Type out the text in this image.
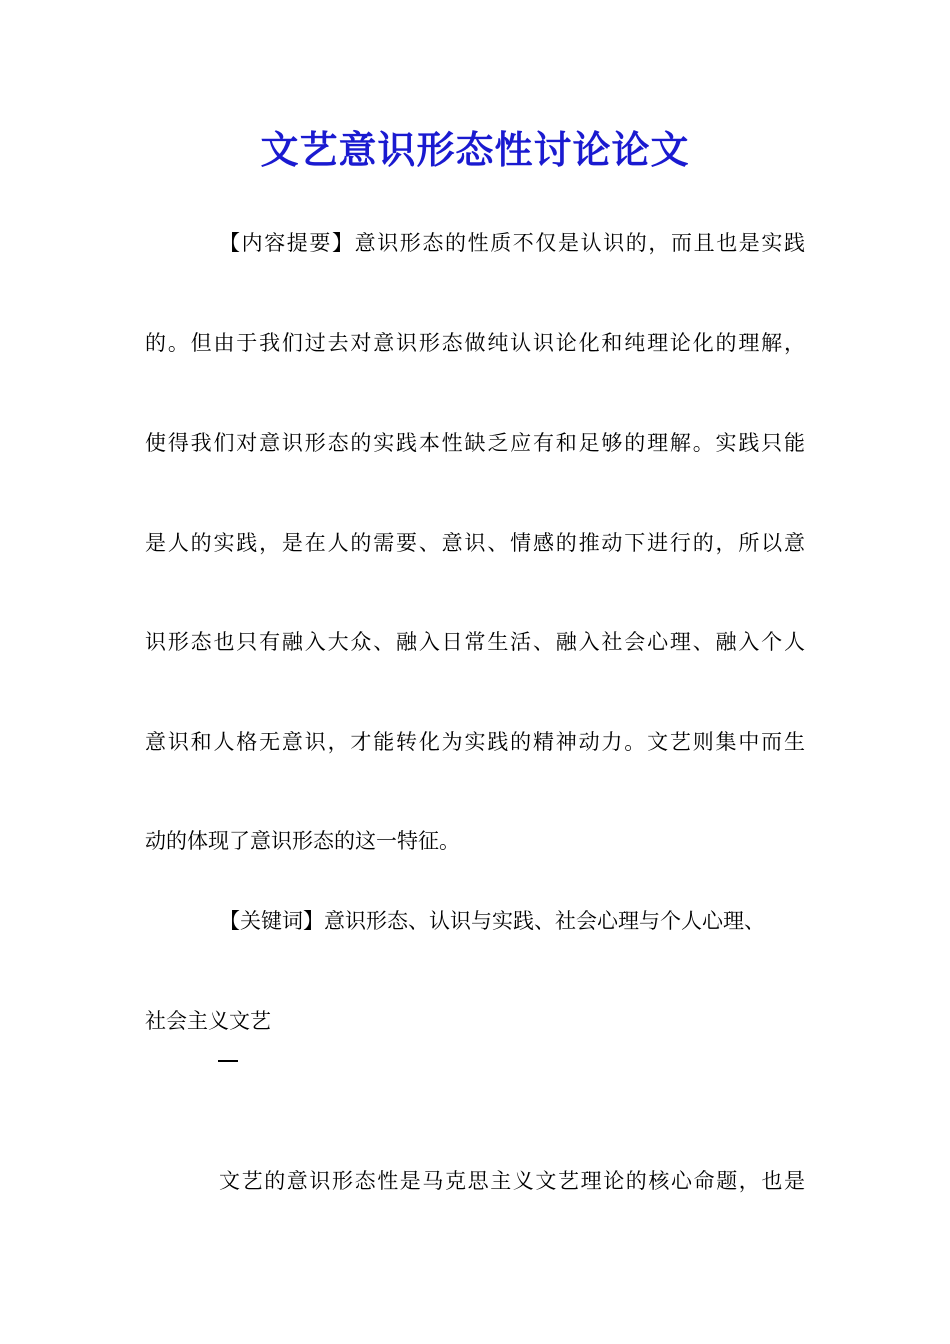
文艺意识形态性讨论论文
【内容提要】意识形态的性质不仅是认识的，而且也是实践
的。但由于我们过去对意识形态做纯认识论化和纯理论化的理解，
使得我们对意识形态的实践本性缺乏应有和足够的理解。实践只能
是人的实践，是在人的需要、意识、情感的推动下进行的，所以意
识形态也只有融入大众、融入日常生活、融入社会心理、融入个人
意识和人格无意识，才能转化为实践的精神动力。文艺则集中而生
动的体现了意识形态的这一特征。
【关键词】意识形态、认识与实践、社会心理与个人心理、
社会主义文艺
文艺的意识形态性是马克思主义文艺理论的核心命题，也是
